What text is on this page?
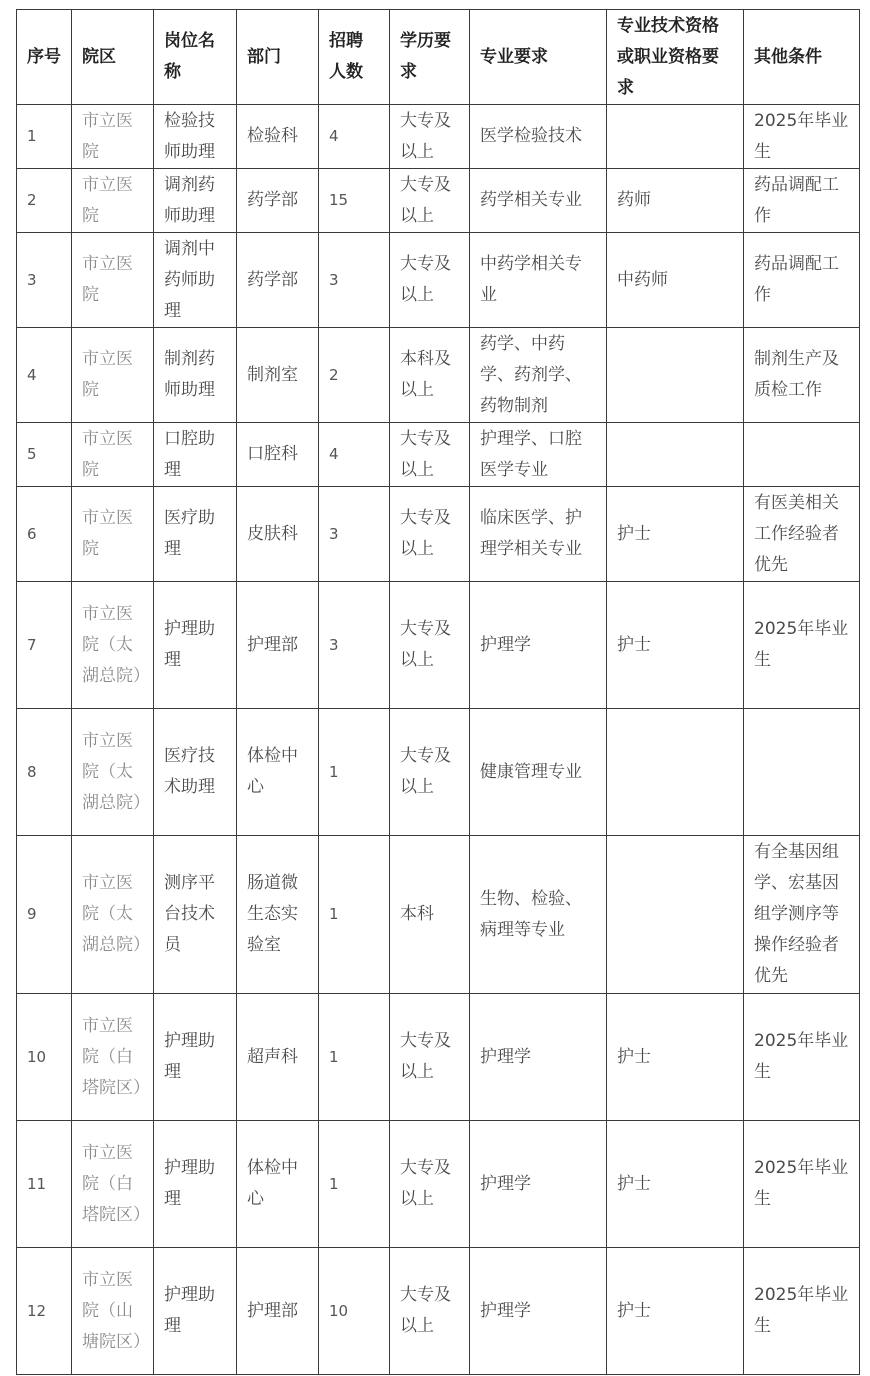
序号	院区	岗位名称	部门	招聘人数	学历要求	专业要求	专业技术资格或职业资格要求	其他条件
1	市立医院	检验技师助理	检验科	4	大专及以上	医学检验技术		2025年毕业生
2	市立医院	调剂药师助理	药学部	15	大专及以上	药学相关专业	药师	药品调配工作
3	市立医院	调剂中药师助理	药学部	3	大专及以上	中药学相关专业	中药师	药品调配工作
4	市立医院	制剂药师助理	制剂室	2	本科及以上	药学、中药学、药剂学、药物制剂		制剂生产及质检工作
5	市立医院	口腔助理	口腔科	4	大专及以上	护理学、口腔医学专业		
6	市立医院	医疗助理	皮肤科	3	大专及以上	临床医学、护理学相关专业	护士	有医美相关工作经验者优先
7	市立医院（太湖总院）	护理助理	护理部	3	大专及以上	护理学	护士	2025年毕业生
8	市立医院（太湖总院）	医疗技术助理	体检中心	1	大专及以上	健康管理专业		
9	市立医院（太湖总院）	测序平台技术员	肠道微生态实验室	1	本科	生物、检验、病理等专业		有全基因组学、宏基因组学测序等操作经验者优先
10	市立医院（白塔院区）	护理助理	超声科	1	大专及以上	护理学	护士	2025年毕业生
11	市立医院（白塔院区）	护理助理	体检中心	1	大专及以上	护理学	护士	2025年毕业生
12	市立医院（山塘院区）	护理助理	护理部	10	大专及以上	护理学	护士	2025年毕业生
